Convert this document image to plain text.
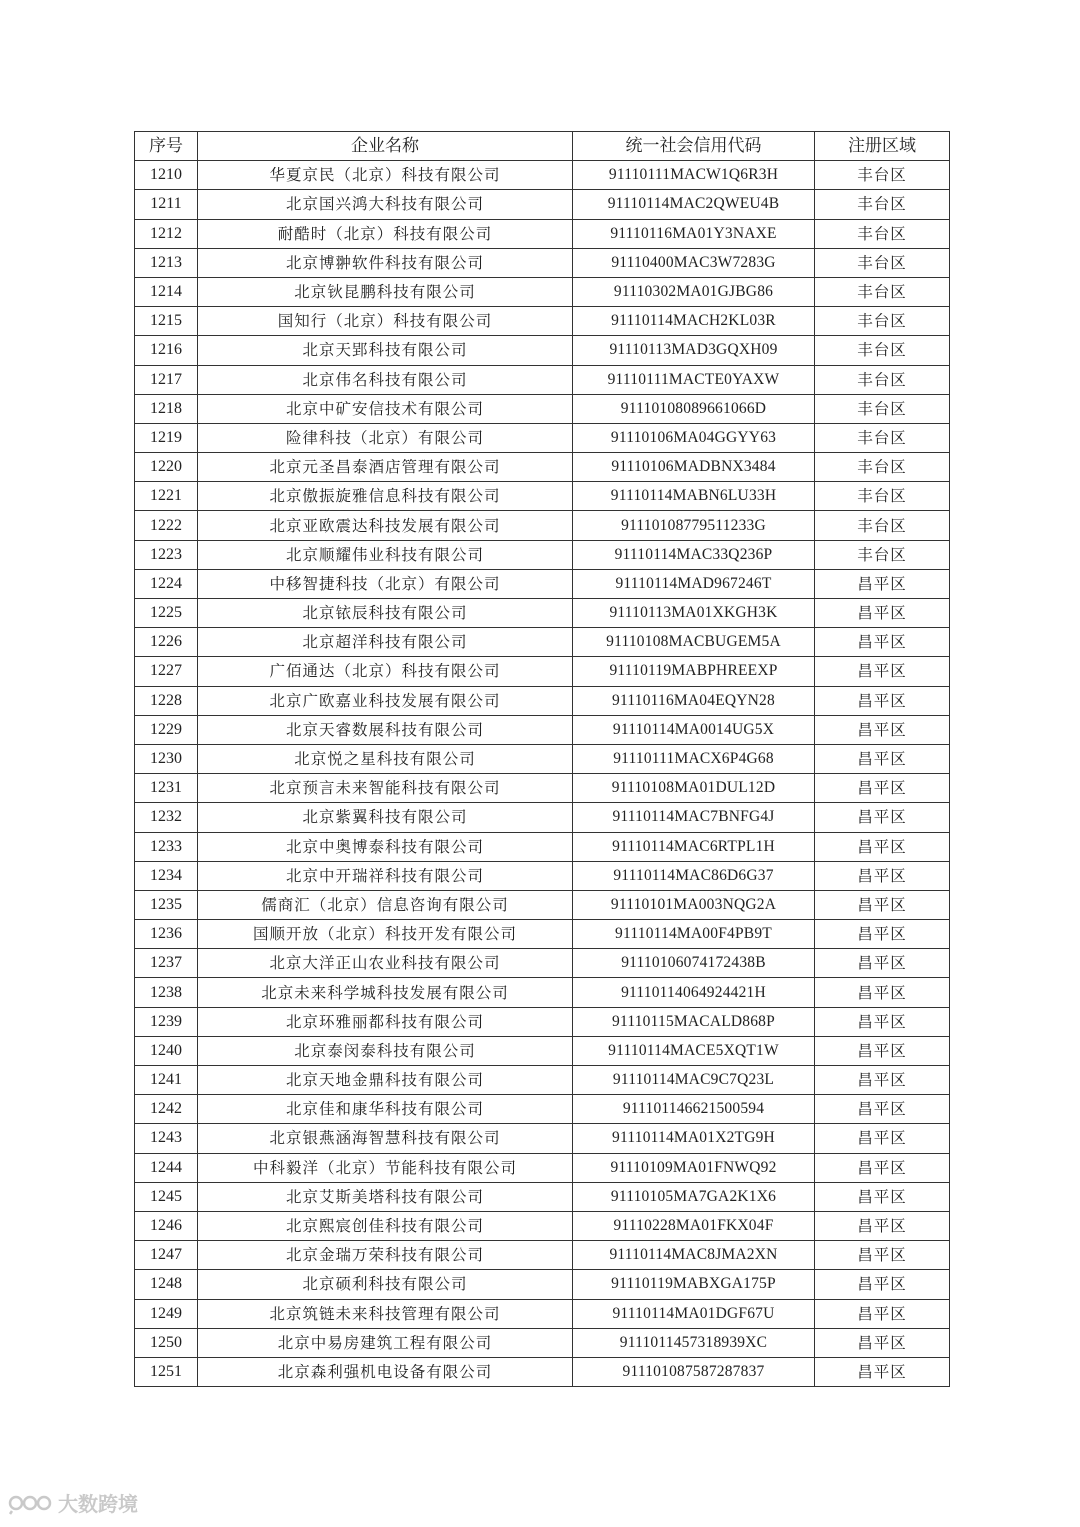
序号	企业名称	统一社会信用代码	注册区域
1210	华夏京民（北京）科技有限公司	91110111MACW1Q6R3H	丰台区
1211	北京国兴鸿大科技有限公司	91110114MAC2QWEU4B	丰台区
1212	耐酷时（北京）科技有限公司	91110116MA01Y3NAXE	丰台区
1213	北京博翀软件科技有限公司	91110400MAC3W7283G	丰台区
1214	北京钬昆鹏科技有限公司	91110302MA01GJBG86	丰台区
1215	国知行（北京）科技有限公司	91110114MACH2KL03R	丰台区
1216	北京天郢科技有限公司	91110113MAD3GQXH09	丰台区
1217	北京伟名科技有限公司	91110111MACTE0YAXW	丰台区
1218	北京中矿安信技术有限公司	91110108089661066D	丰台区
1219	险律科技（北京）有限公司	91110106MA04GGYY63	丰台区
1220	北京元圣昌泰酒店管理有限公司	91110106MADBNX3484	丰台区
1221	北京傲振旋雅信息科技有限公司	91110114MABN6LU33H	丰台区
1222	北京亚欧震达科技发展有限公司	91110108779511233G	丰台区
1223	北京顺耀伟业科技有限公司	91110114MAC33Q236P	丰台区
1224	中移智捷科技（北京）有限公司	91110114MAD967246T	昌平区
1225	北京铱辰科技有限公司	91110113MA01XKGH3K	昌平区
1226	北京超洋科技有限公司	91110108MACBUGEM5A	昌平区
1227	广佰通达（北京）科技有限公司	91110119MABPHREEXP	昌平区
1228	北京广欧嘉业科技发展有限公司	91110116MA04EQYN28	昌平区
1229	北京天睿数展科技有限公司	91110114MA0014UG5X	昌平区
1230	北京悦之星科技有限公司	91110111MACX6P4G68	昌平区
1231	北京预言未来智能科技有限公司	91110108MA01DUL12D	昌平区
1232	北京紫翼科技有限公司	91110114MAC7BNFG4J	昌平区
1233	北京中奥博泰科技有限公司	91110114MAC6RTPL1H	昌平区
1234	北京中开瑞祥科技有限公司	91110114MAC86D6G37	昌平区
1235	儒商汇（北京）信息咨询有限公司	91110101MA003NQG2A	昌平区
1236	国顺开放（北京）科技开发有限公司	91110114MA00F4PB9T	昌平区
1237	北京大洋正山农业科技有限公司	91110106074172438B	昌平区
1238	北京未来科学城科技发展有限公司	91110114064924421H	昌平区
1239	北京环雅丽都科技有限公司	91110115MACALD868P	昌平区
1240	北京泰闵泰科技有限公司	91110114MACE5XQT1W	昌平区
1241	北京天地金鼎科技有限公司	91110114MAC9C7Q23L	昌平区
1242	北京佳和康华科技有限公司	911101146621500594	昌平区
1243	北京银燕涵海智慧科技有限公司	91110114MA01X2TG9H	昌平区
1244	中科毅洋（北京）节能科技有限公司	91110109MA01FNWQ92	昌平区
1245	北京艾斯美塔科技有限公司	91110105MA7GA2K1X6	昌平区
1246	北京熙宸创佳科技有限公司	91110228MA01FKX04F	昌平区
1247	北京金瑞万荣科技有限公司	91110114MAC8JMA2XN	昌平区
1248	北京硕利科技有限公司	91110119MABXGA175P	昌平区
1249	北京筑链未来科技管理有限公司	91110114MA01DGF67U	昌平区
1250	北京中易房建筑工程有限公司	9111011457318939XC	昌平区
1251	北京森利强机电设备有限公司	911101087587287837	昌平区
大数跨境
